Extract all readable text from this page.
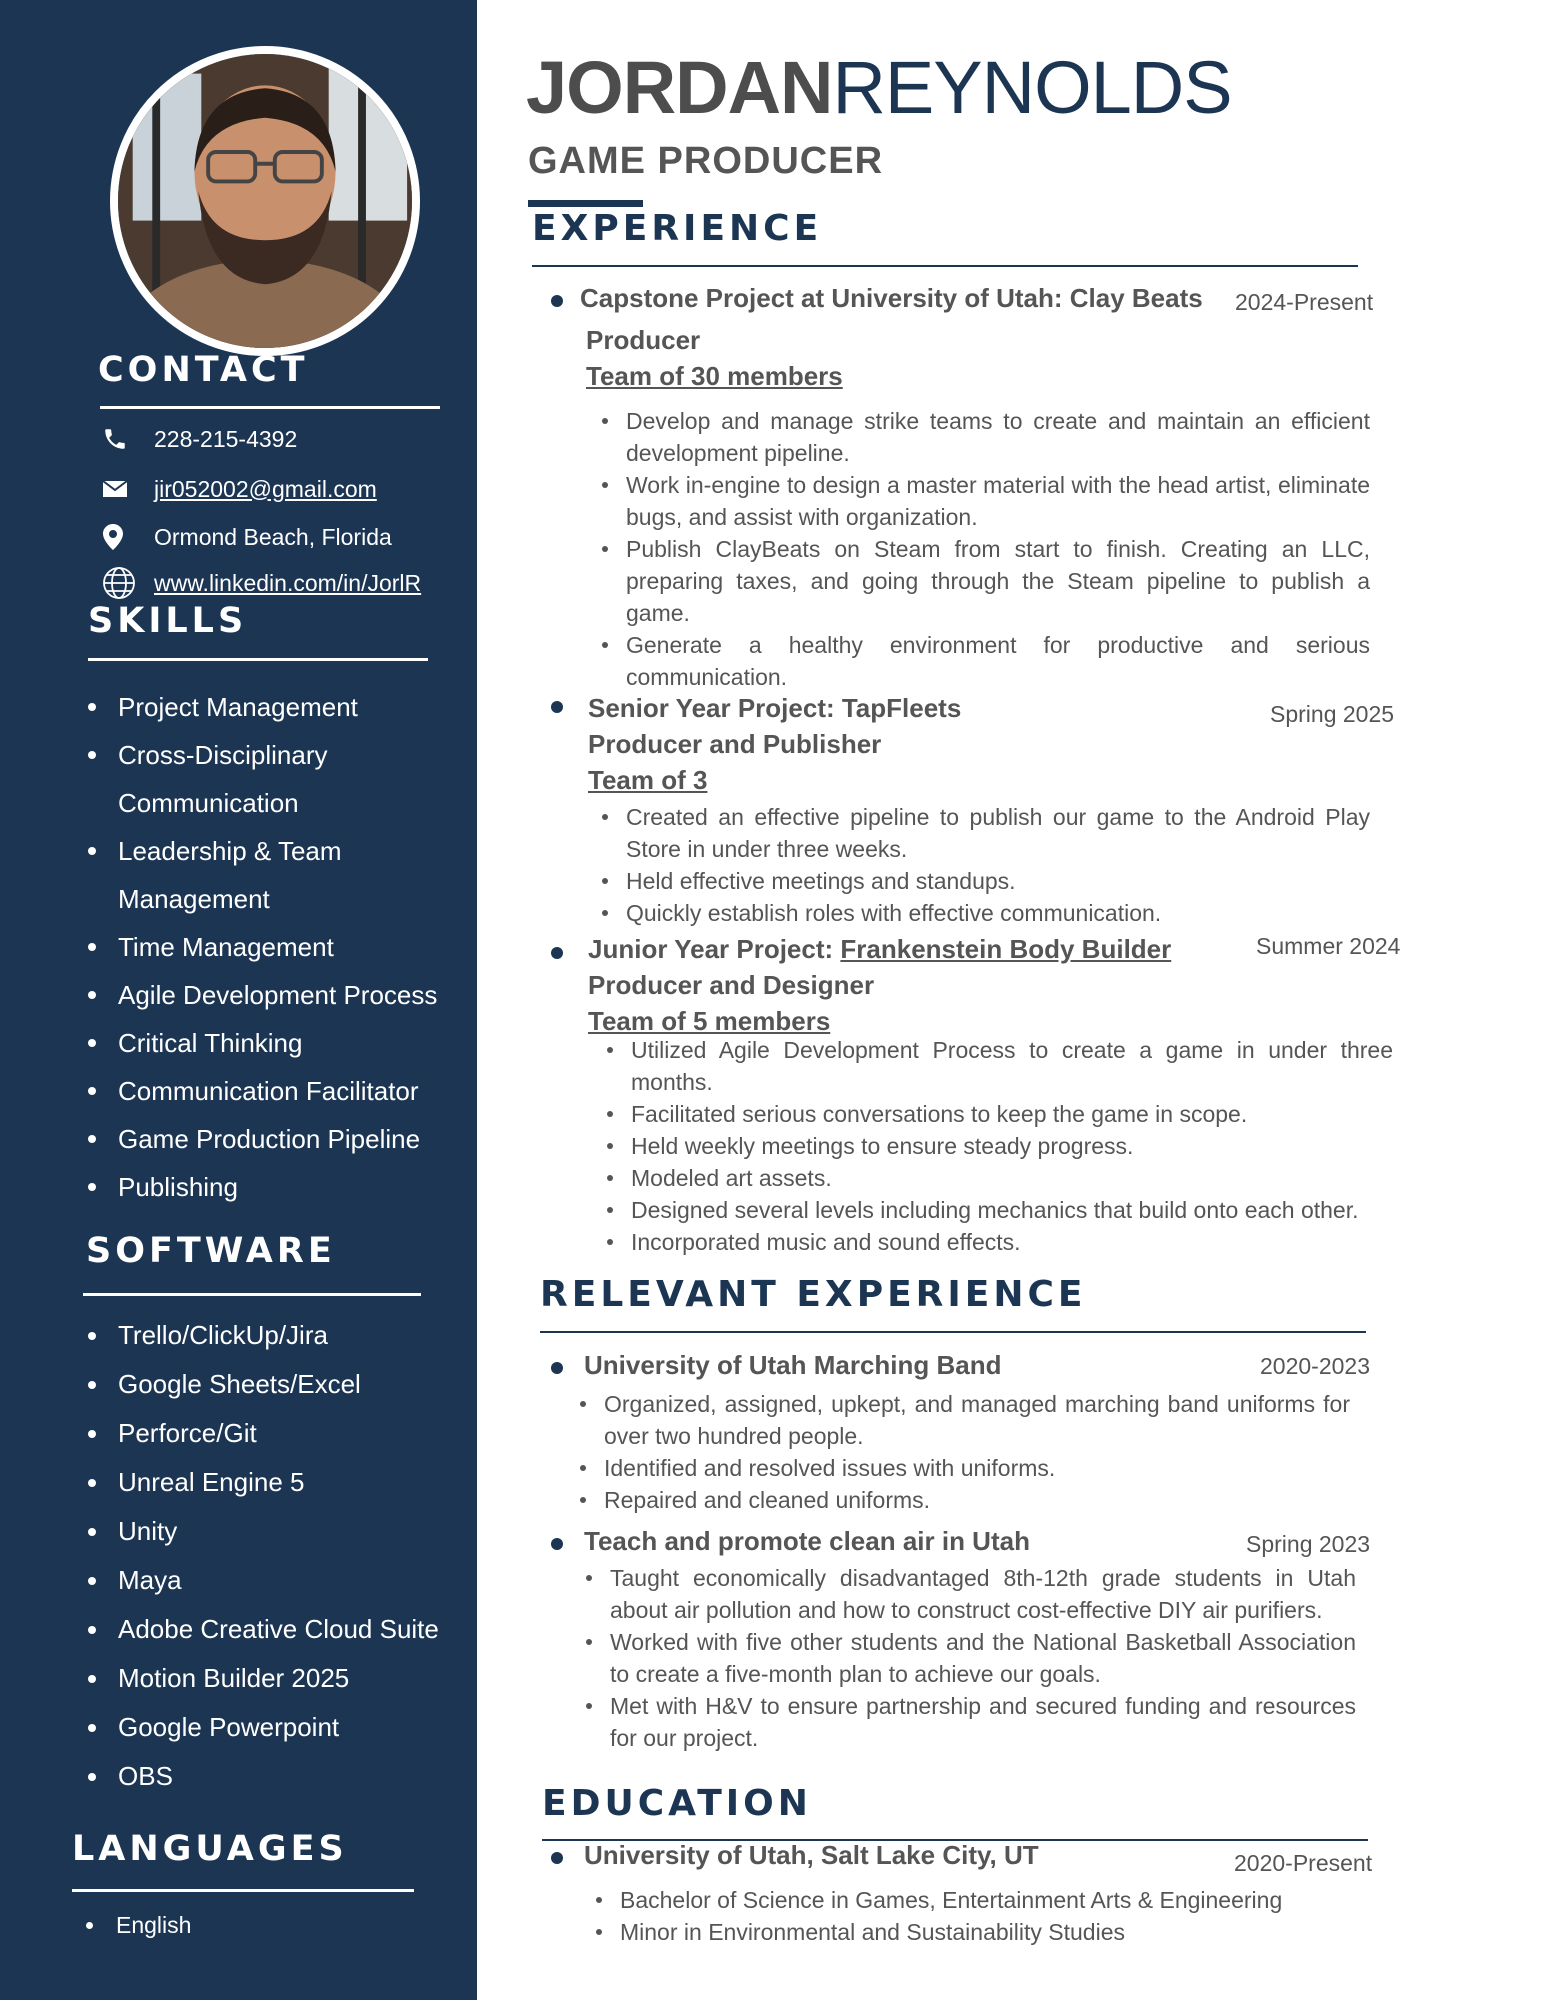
CONTACT
228-215-4392
jir052002@gmail.com
Ormond Beach, Florida
www.linkedin.com/in/JorlR
SKILLS
Project Management
Cross-Disciplinary
Communication
Leadership & Team
Management
Time Management
Agile Development Process
Critical Thinking
Communication Facilitator
Game Production Pipeline
Publishing
SOFTWARE
Trello/ClickUp/Jira
Google Sheets/Excel
Perforce/Git
Unreal Engine 5
Unity
Maya
Adobe Creative Cloud Suite
Motion Builder 2025
Google Powerpoint
OBS
LANGUAGES
English
JORDANREYNOLDS
GAME PRODUCER
EXPERIENCE
Capstone Project at University of Utah: Clay Beats 2024-Present
Producer
Team of 30 members
Develop and manage strike teams to create and maintain an efficient development pipeline.
Work in-engine to design a master material with the head artist, eliminate bugs, and assist with organization.
Publish ClayBeats on Steam from start to finish. Creating an LLC, preparing taxes, and going through the Steam pipeline to publish a game.
Generate a healthy environment for productive and serious communication.
Senior Year Project: TapFleets	Spring 2025
Producer and Publisher
Team of 3
Created an effective pipeline to publish our game to the Android Play Store in under three weeks.
Held effective meetings and standups.
Quickly establish roles with effective communication.
Junior Year Project: Frankenstein Body Builder	Summer 2024
Producer and Designer
Team of 5 members
Utilized Agile Development Process to create a game in under three months.
Facilitated serious conversations to keep the game in scope.
Held weekly meetings to ensure steady progress.
Modeled art assets.
Designed several levels including mechanics that build onto each other.
Incorporated music and sound effects.
RELEVANT EXPERIENCE
University of Utah Marching Band	2020-2023
Organized, assigned, upkept, and managed marching band uniforms for over two hundred people.
Identified and resolved issues with uniforms.
Repaired and cleaned uniforms.
Teach and promote clean air in Utah	Spring 2023
Taught economically disadvantaged 8th-12th grade students in Utah about air pollution and how to construct cost-effective DIY air purifiers.
Worked with five other students and the National Basketball Association to create a five-month plan to achieve our goals.
Met with H&V to ensure partnership and secured funding and resources for our project.
EDUCATION
University of Utah, Salt Lake City, UT	2020-Present
Bachelor of Science in Games, Entertainment Arts & Engineering
Minor in Environmental and Sustainability Studies
